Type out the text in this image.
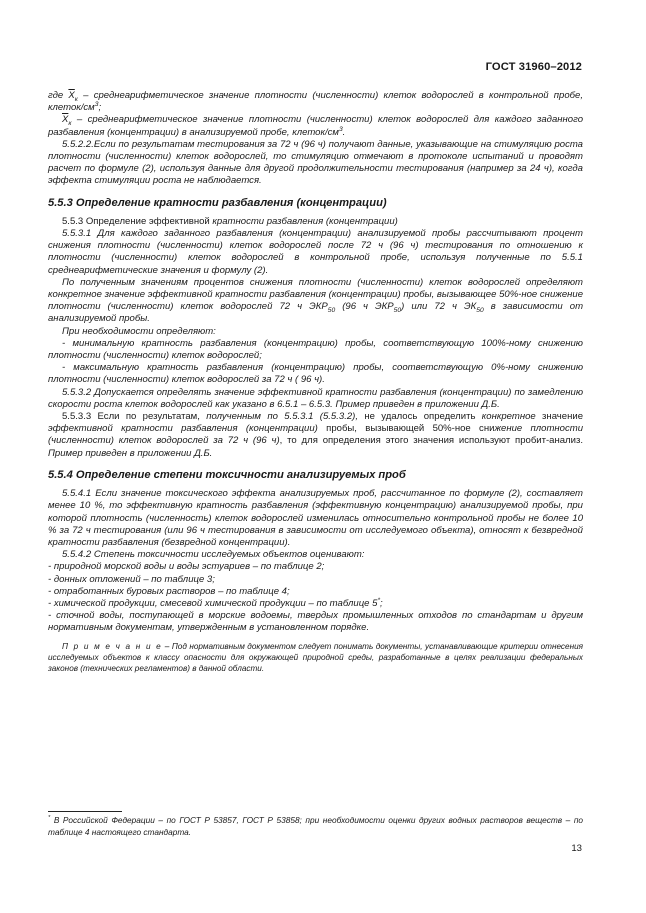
ГОСТ 31960–2012

где $\overline{X}_к$ – среднеарифметическое значение плотности (численности) клеток водорослей в контрольной пробе, клеток/$см^3$;

$\overline{X}_к$ – среднеарифметическое значение плотности (численности) клеток водорослей для каждого заданного разбавления (концентрации) в анализируемой пробе, клеток/$см^3$.

5.5.2.2.Если по результатам тестирования за 72 ч (96 ч) получают данные, указывающие на стимуляцию роста плотности (численности) клеток водорослей, то стимуляцию отмечают в протоколе испытаний и проводят расчет по формуле (2), используя данные для другой продолжительности тестирования (например за 24 ч), когда эффекта стимуляции роста не наблюдается.

5.5.3 Определение кратности разбавления (концентрации)

5.5.3 Определение эффективной кратности разбавления (концентрации)

5.5.3.1 Для каждого заданного разбавления (концентрации) анализируемой пробы рассчитывают процент снижения плотности (численности) клеток водорослей после 72 ч (96 ч) тестирования по отношению к плотности (численности) клеток водорослей в контрольной пробе, используя полученные по 5.5.1 среднеарифметические значения и формулу (2).

По полученным значениям процентов снижения плотности (численности) клеток водорослей определяют конкретное значение эффективной кратности разбавления (концентрации) пробы, вызывающее 50%-ное снижение плотности (численности) клеток водорослей 72 ч $ЭКР_{50}$ (96 ч $ЭКР_{50}$) или 72 ч $ЭК_{50}$ в зависимости от анализируемой пробы.

При необходимости определяют:

- минимальную кратность разбавления (концентрацию) пробы, соответствующую 100%-ному снижению плотности (численности) клеток водорослей;

- максимальную кратность разбавления (концентрацию) пробы, соответствующую 0%-ному снижению плотности (численности) клеток водорослей за 72 ч ( 96 ч).

5.5.3.2 Допускается определять значение эффективной кратности разбавления (концентрации) по замедлению скорости роста клеток водорослей как указано в 6.5.1 – 6.5.3. Пример приведен в приложении Д.Б.

5.5.3.3 Если по результатам, полученным по 5.5.3.1 (5.5.3.2), не удалось определить конкретное значение эффективной кратности разбавления (концентрации) пробы, вызывающей 50%-ное снижение плотности (численности) клеток водорослей за 72 ч (96 ч), то для определения этого значения используют пробит-анализ. Пример приведен в приложении Д.Б.

5.5.4 Определение степени токсичности анализируемых проб

5.5.4.1 Если значение токсического эффекта анализируемых проб, рассчитанное по формуле (2), составляет менее 10 %, то эффективную кратность разбавления (эффективную концентрацию) анализируемой пробы, при которой плотность (численность) клеток водорослей изменилась относительно контрольной пробы не более 10 % за 72 ч тестирования (или 96 ч тестирования в зависимости от исследуемого объекта), относят к безвредной кратности разбавления (безвредной концентрации).

5.5.4.2 Степень токсичности исследуемых объектов оценивают:

- природной морской воды и воды эстуариев – по таблице 2;

- донных отложений – по таблице 3;

- отработанных буровых растворов – по таблице 4;

- химической продукции, смесевой химической продукции – по таблице 5*;

- сточной воды, поступающей в морские водоемы, твердых промышленных отходов по стандартам и другим нормативным документам, утвержденным в установленном порядке.

П р и м е ч а н и е – Под нормативным документом следует понимать документы, устанавливающие критерии отнесения исследуемых объектов к классу опасности для окружающей природной среды, разработанные в целях реализации федеральных законов (технических регламентов) в данной области.

* В Российской Федерации – по ГОСТ Р 53857, ГОСТ Р 53858; при необходимости оценки других водных растворов веществ – по таблице 4 настоящего стандарта.
13
